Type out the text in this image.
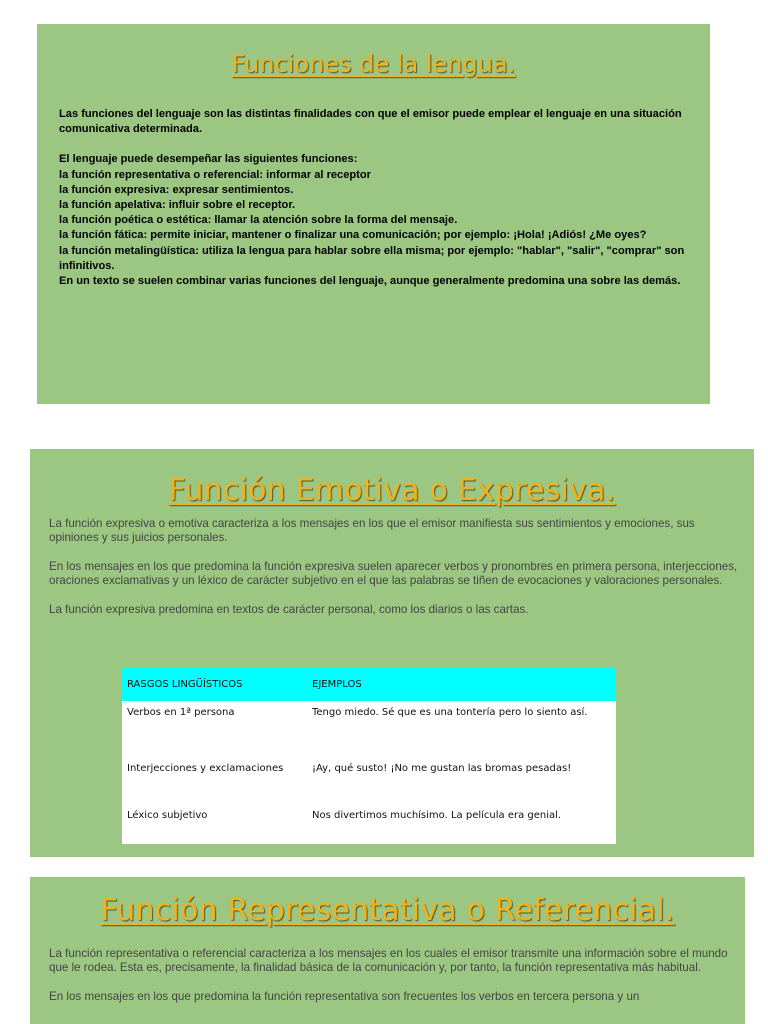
Funciones de la lengua.

Las funciones del lenguaje son las distintas finalidades con que el emisor puede emplear el lenguaje en una situación comunicativa determinada.

El lenguaje puede desempeñar las siguientes funciones:

la función representativa o referencial: informar al receptor

la función expresiva: expresar sentimientos.

la función apelativa: influir sobre el receptor.

la función poética o estética: llamar la atención sobre la forma del mensaje.

la función fática: permite iniciar, mantener o finalizar una comunicación; por ejemplo: ¡Hola! ¡Adiós! ¿Me oyes?

la función metalingüística: utiliza la lengua para hablar sobre ella misma; por ejemplo: "hablar", "salir", "comprar" son infinitivos.

En un texto se suelen combinar varias funciones del lenguaje, aunque generalmente predomina una sobre las demás.

Función Emotiva o Expresiva.

La función expresiva o emotiva caracteriza a los mensajes en los que el emisor manifiesta sus sentimientos y emociones, sus opiniones y sus juicios personales.

En los mensajes en los que predomina la función expresiva suelen aparecer verbos y pronombres en primera persona, interjecciones, oraciones exclamativas y un léxico de carácter subjetivo en el que las palabras se tiñen de evocaciones y valoraciones personales.

La función expresiva predomina en textos de carácter personal, como los diarios o las cartas.

RASGOS LINGÜÍSTICOS	EJEMPLOS
Verbos en 1ª persona	Tengo miedo. Sé que es una tontería pero lo siento así.
Interjecciones y exclamaciones	¡Ay, qué susto! ¡No me gustan las bromas pesadas!
Léxico subjetivo	Nos divertimos muchísimo. La película era genial.
Función Representativa o Referencial.

La función representativa o referencial caracteriza a los mensajes en los cuales el emisor transmite una información sobre el mundo que le rodea. Esta es, precisamente, la finalidad básica de la comunicación y, por tanto, la función representativa más habitual.

En los mensajes en los que predomina la función representativa son frecuentes los verbos en tercera persona y un
